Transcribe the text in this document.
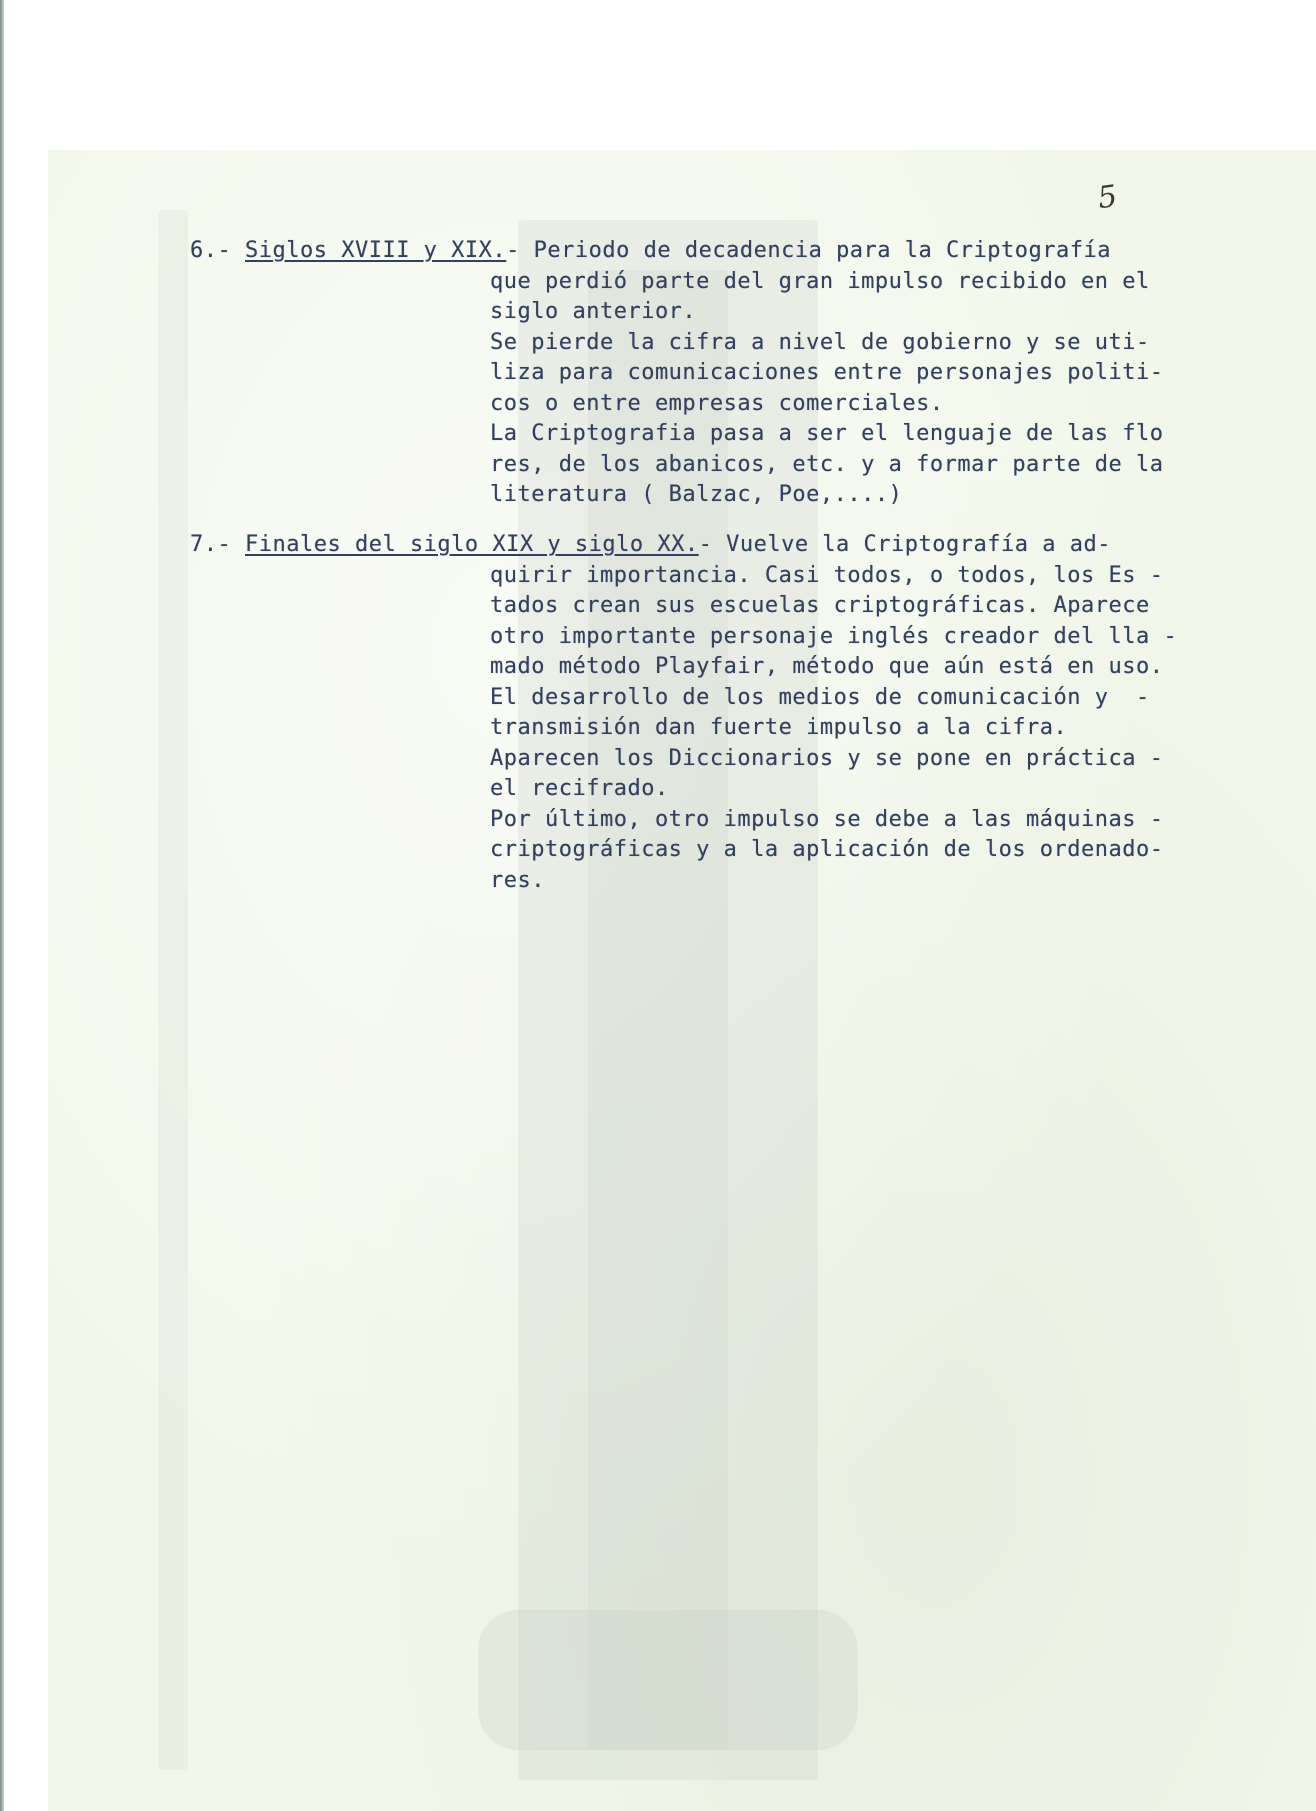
5
6.- Siglos XVIII y XIX.- Periodo de decadencia para la Criptografía
que perdió parte del gran impulso recibido en el
siglo anterior.
Se pierde la cifra a nivel de gobierno y se uti-
liza para comunicaciones entre personajes politi-
cos o entre empresas comerciales.
La Criptografia pasa a ser el lenguaje de las flo
res, de los abanicos, etc. y a formar parte de la
literatura ( Balzac, Poe,....)
7.- Finales del siglo XIX y siglo XX.- Vuelve la Criptografía a ad-
quirir importancia. Casi todos, o todos, los Es -
tados crean sus escuelas criptográficas. Aparece
otro importante personaje inglés creador del lla -
mado método Playfair, método que aún está en uso.
El desarrollo de los medios de comunicación y  -
transmisión dan fuerte impulso a la cifra.
Aparecen los Diccionarios y se pone en práctica -
el recifrado.
Por último, otro impulso se debe a las máquinas -
criptográficas y a la aplicación de los ordenado-
res.
